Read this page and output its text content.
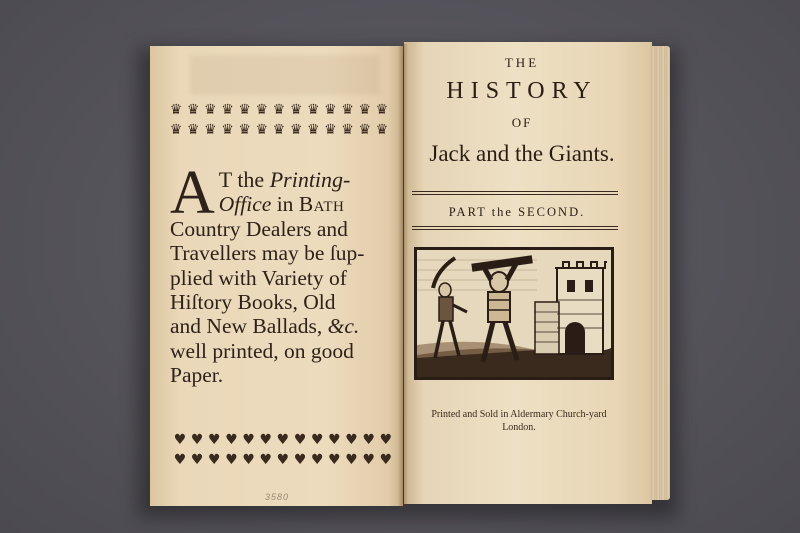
♛ ♛ ♛ ♛ ♛ ♛ ♛ ♛ ♛ ♛ ♛ ♛ ♛
♛ ♛ ♛ ♛ ♛ ♛ ♛ ♛ ♛ ♛ ♛ ♛ ♛
A T the Printing-
Office in Bath
Country Dealers and
Travellers may be ſup-
plied with Variety of
Hiſtory Books, Old
and New Ballads, &c.
well printed, on good
Paper.
♥ ♥ ♥ ♥ ♥ ♥ ♥ ♥ ♥ ♥ ♥ ♥ ♥
♥ ♥ ♥ ♥ ♥ ♥ ♥ ♥ ♥ ♥ ♥ ♥ ♥
3580
THE
HISTORY
OF
Jack and the Giants.
PART the SECOND.
Printed and Sold in Aldermary Church-yard
London.
